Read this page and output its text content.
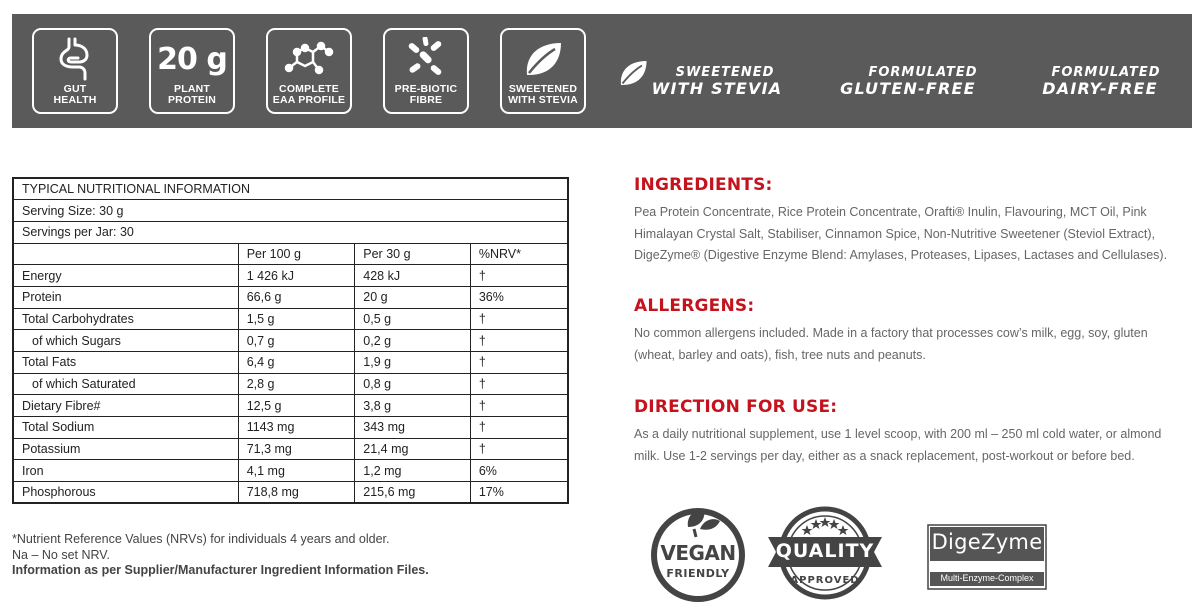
GUT
HEALTH
20 g
PLANT
PROTEIN
COMPLETE
EAA PROFILE
PRE-BIOTIC
FIBRE
SWEETENED
WITH STEVIA
SWEETENED
WITH STEVIA
FORMULATED
GLUTEN-FREE
FORMULATED
DAIRY-FREE
TYPICAL NUTRITIONAL INFORMATION			
Serving Size: 30 g			
Servings per Jar: 30			
	Per 100 g	Per 30 g	%NRV*
Energy	1 426 kJ	428 kJ	†
Protein	66,6 g	20 g	36%
Total Carbohydrates	1,5 g	0,5 g	†
of which Sugars	0,7 g	0,2 g	†
Total Fats	6,4 g	1,9 g	†
of which Saturated	2,8 g	0,8 g	†
Dietary Fibre#	12,5 g	3,8 g	†
Total Sodium	1143 mg	343 mg	†
Potassium	71,3 mg	21,4 mg	†
Iron	4,1 mg	1,2 mg	6%
Phosphorous	718,8 mg	215,6 mg	17%
*Nutrient Reference Values (NRVs) for individuals 4 years and older.
Na – No set NRV.
Information as per Supplier/Manufacturer Ingredient Information Files.
INGREDIENTS:
Pea Protein Concentrate, Rice Protein Concentrate, Orafti® Inulin, Flavouring, MCT Oil, Pink Himalayan Crystal Salt, Stabiliser, Cinnamon Spice, Non-Nutritive Sweetener (Steviol Extract), DigeZyme® (Digestive Enzyme Blend: Amylases, Proteases, Lipases, Lactases and Cellulases).
ALLERGENS:
No common allergens included. Made in a factory that processes cow’s milk, egg, soy, gluten (wheat, barley and oats), fish, tree nuts and peanuts.
DIRECTION FOR USE:
As a daily nutritional supplement, use 1 level scoop, with 200 ml – 250 ml cold water, or almond milk. Use 1-2 servings per day, either as a snack replacement, post-workout or before bed.
VEGAN
FRIENDLY
QUALITY
APPROVED
DigeZyme
Multi-Enzyme-Complex
